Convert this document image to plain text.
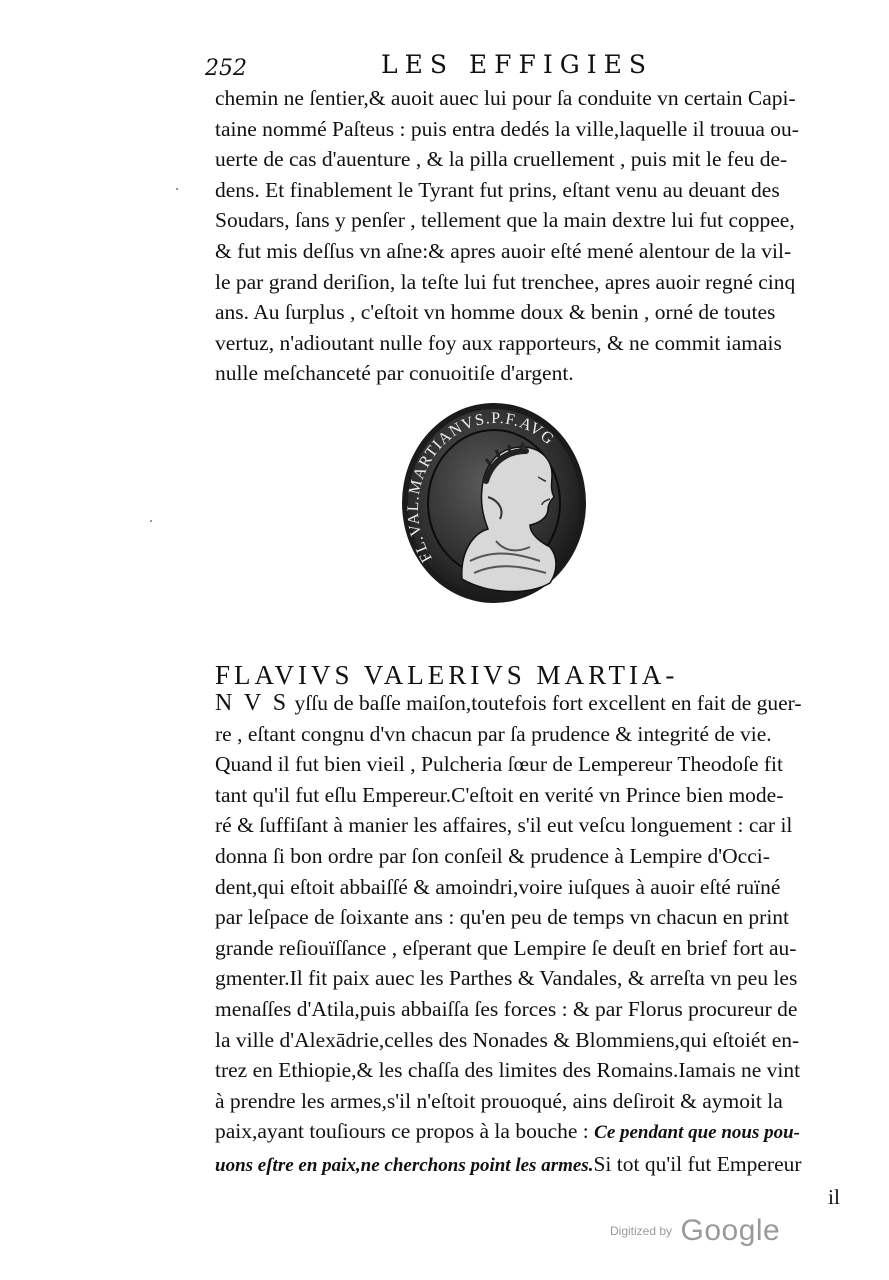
252	LES EFFIGIES
chemin ne ſentier,& auoit auec lui pour ſa conduite vn certain Capi-
taine nommé Paſteus : puis entra dedés la ville,laquelle il trouua ou-
uerte de cas d'auenture , & la pilla cruellement , puis mit le feu de-
dens. Et finablement le Tyrant fut prins, eſtant venu au deuant des
Soudars, ſans y penſer , tellement que la main dextre lui fut coppee,
& fut mis deſſus vn aſne:& apres auoir eſté mené alentour de la vil-
le par grand deriſion, la teſte lui fut trenchee, apres auoir regné cinq
ans. Au ſurplus , c'eſtoit vn homme doux & benin , orné de toutes
vertuz, n'adioutant nulle foy aux rapporteurs, & ne commit iamais
nulle meſchanceté par conuoitiſe d'argent.
FL.VAL.MARTIANVS.P.F.AVG
FLAVIVS VALERIVS MARTIA-
N V S yſſu de baſſe maiſon,toutefois fort excellent en fait de guer-
re , eſtant congnu d'vn chacun par ſa prudence & integrité de vie.
Quand il fut bien vieil , Pulcheria ſœur de Lempereur Theodoſe fit
tant qu'il fut eſlu Empereur.C'eſtoit en verité vn Prince bien mode-
ré & ſuffiſant à manier les affaires, s'il eut veſcu longuement : car il
donna ſi bon ordre par ſon conſeil & prudence à Lempire d'Occi-
dent,qui eſtoit abbaiſſé & amoindri,voire iuſques à auoir eſté ruïné
par leſpace de ſoixante ans : qu'en peu de temps vn chacun en print
grande reſiouïſſance , eſperant que Lempire ſe deuſt en brief fort au-
gmenter.Il fit paix auec les Parthes & Vandales, & arreſta vn peu les
menaſſes d'Atila,puis abbaiſſa ſes forces : & par Florus procureur de
la ville d'Alexādrie,celles des Nonades & Blommiens,qui eſtoiét en-
trez en Ethiopie,& les chaſſa des limites des Romains.Iamais ne vint
à prendre les armes,s'il n'eſtoit prouoqué, ains deſiroit & aymoit la
paix,ayant touſiours ce propos à la bouche : Ce pendant que nous pou-
uons eſtre en paix,ne cherchons point les armes.Si tot qu'il fut Empereur
il
$^{Digitized by}$ Google
